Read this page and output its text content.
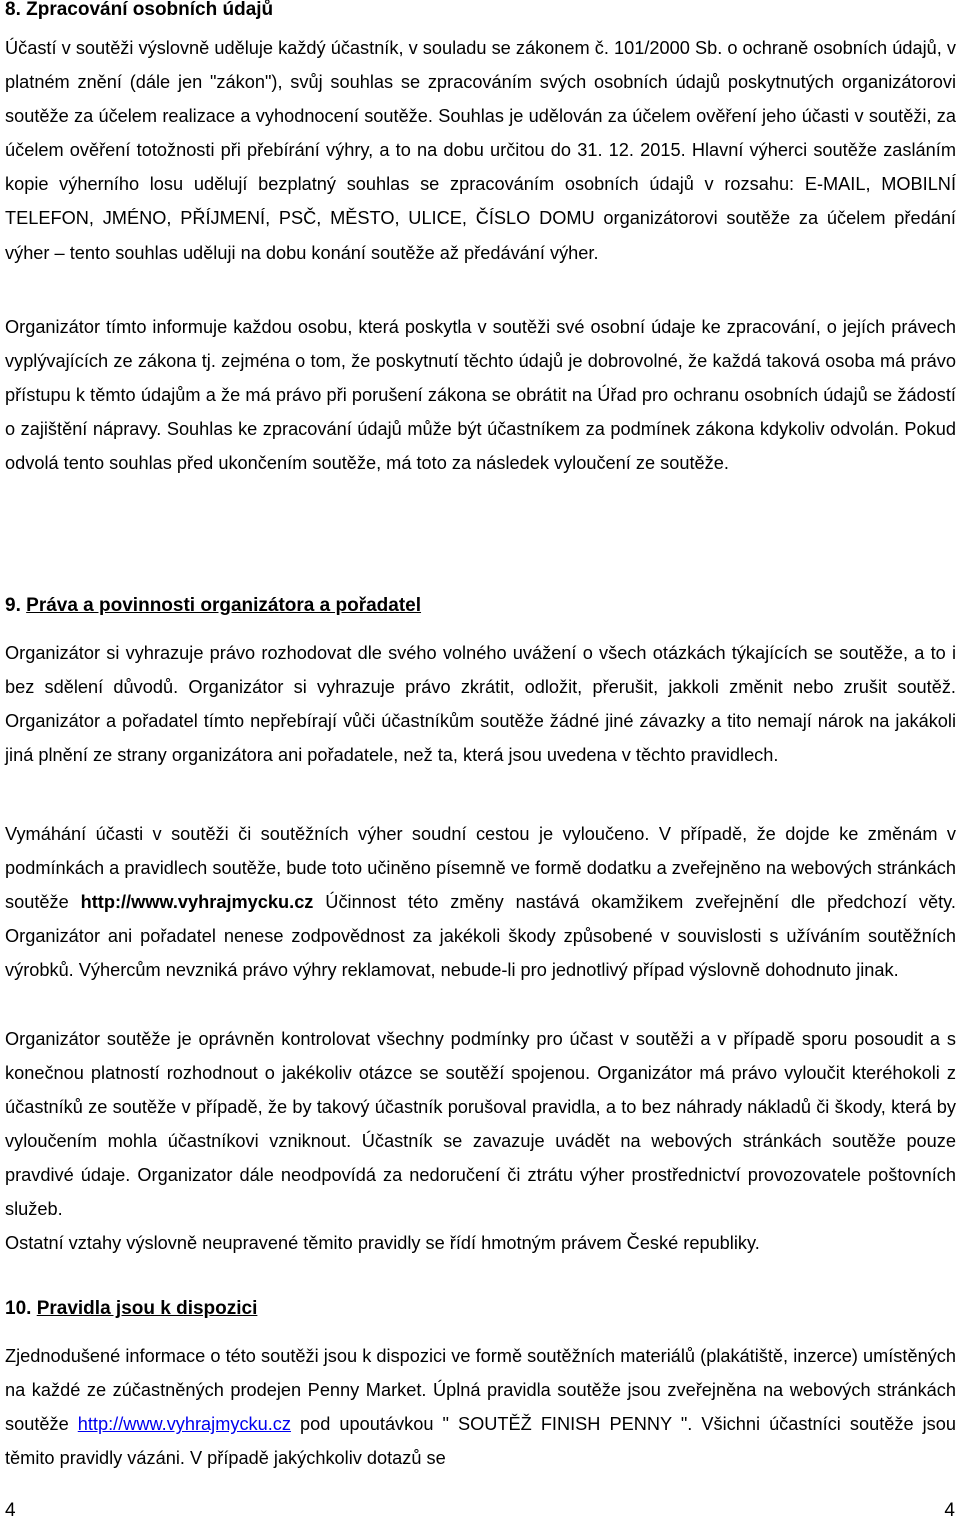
8. Zpracování osobních údajů

Účastí v soutěži výslovně uděluje každý účastník, v souladu se zákonem č. 101/2000 Sb. o ochraně osobních údajů, v platném znění (dále jen "zákon"), svůj souhlas se zpracováním svých osobních údajů poskytnutých organizátorovi soutěže za účelem realizace a vyhodnocení soutěže. Souhlas je udělován za účelem ověření jeho účasti v soutěži, za účelem ověření totožnosti při přebírání výhry, a to na dobu určitou do 31. 12. 2015. Hlavní výherci soutěže zasláním kopie výherního losu udělují bezplatný souhlas se zpracováním osobních údajů v rozsahu: E-MAIL, MOBILNÍ TELEFON, JMÉNO, PŘÍJMENÍ, PSČ, MĚSTO, ULICE, ČÍSLO DOMU organizátorovi soutěže za účelem předání výher – tento souhlas uděluji na dobu konání soutěže až předávání výher.

Organizátor tímto informuje každou osobu, která poskytla v soutěži své osobní údaje ke zpracování, o jejích právech vyplývajících ze zákona tj. zejména o tom, že poskytnutí těchto údajů je dobrovolné, že každá taková osoba má právo přístupu k těmto údajům a že má právo při porušení zákona se obrátit na Úřad pro ochranu osobních údajů se žádostí o zajištění nápravy. Souhlas ke zpracování údajů může být účastníkem za podmínek zákona kdykoliv odvolán. Pokud odvolá tento souhlas před ukončením soutěže, má toto za následek vyloučení ze soutěže.

9. Práva a povinnosti organizátora a pořadatel

Organizátor si vyhrazuje právo rozhodovat dle svého volného uvážení o všech otázkách týkajících se soutěže, a to i bez sdělení důvodů. Organizátor si vyhrazuje právo zkrátit, odložit, přerušit, jakkoli změnit nebo zrušit soutěž. Organizátor a pořadatel tímto nepřebírají vůči účastníkům soutěže žádné jiné závazky a tito nemají nárok na jakákoli jiná plnění ze strany organizátora ani pořadatele, než ta, která jsou uvedena v těchto pravidlech.

Vymáhání účasti v soutěži či soutěžních výher soudní cestou je vyloučeno. V případě, že dojde ke změnám v podmínkách a pravidlech soutěže, bude toto učiněno písemně ve formě dodatku a zveřejněno na webových stránkách soutěže http://www.vyhrajmycku.cz Účinnost této změny nastává okamžikem zveřejnění dle předchozí věty. Organizátor ani pořadatel nenese zodpovědnost za jakékoli škody způsobené v souvislosti s užíváním soutěžních výrobků. Výhercům nevzniká právo výhry reklamovat, nebude-li pro jednotlivý případ výslovně dohodnuto jinak.

Organizátor soutěže je oprávněn kontrolovat všechny podmínky pro účast v soutěži a v případě sporu posoudit a s konečnou platností rozhodnout o jakékoliv otázce se soutěží spojenou. Organizátor má právo vyloučit kteréhokoli z účastníků ze soutěže v případě, že by takový účastník porušoval pravidla, a to bez náhrady nákladů či škody, která by vyloučením mohla účastníkovi vzniknout. Účastník se zavazuje uvádět na webových stránkách soutěže pouze pravdivé údaje. Organizator dále neodpovídá za nedoručení či ztrátu výher prostřednictví provozovatele poštovních služeb.

Ostatní vztahy výslovně neupravené těmito pravidly se řídí hmotným právem České republiky.

10. Pravidla jsou k dispozici

Zjednodušené informace o této soutěži jsou k dispozici ve formě soutěžních materiálů (plakátiště, inzerce) umístěných na každé ze zúčastněných prodejen Penny Market. Úplná pravidla soutěže jsou zveřejněna na webových stránkách soutěže http://www.vyhrajmycku.cz pod upoutávkou " SOUTĚŽ FINISH PENNY ". Všichni účastníci soutěže jsou těmito pravidly vázáni. V případě jakýchkoliv dotazů se

4	4
